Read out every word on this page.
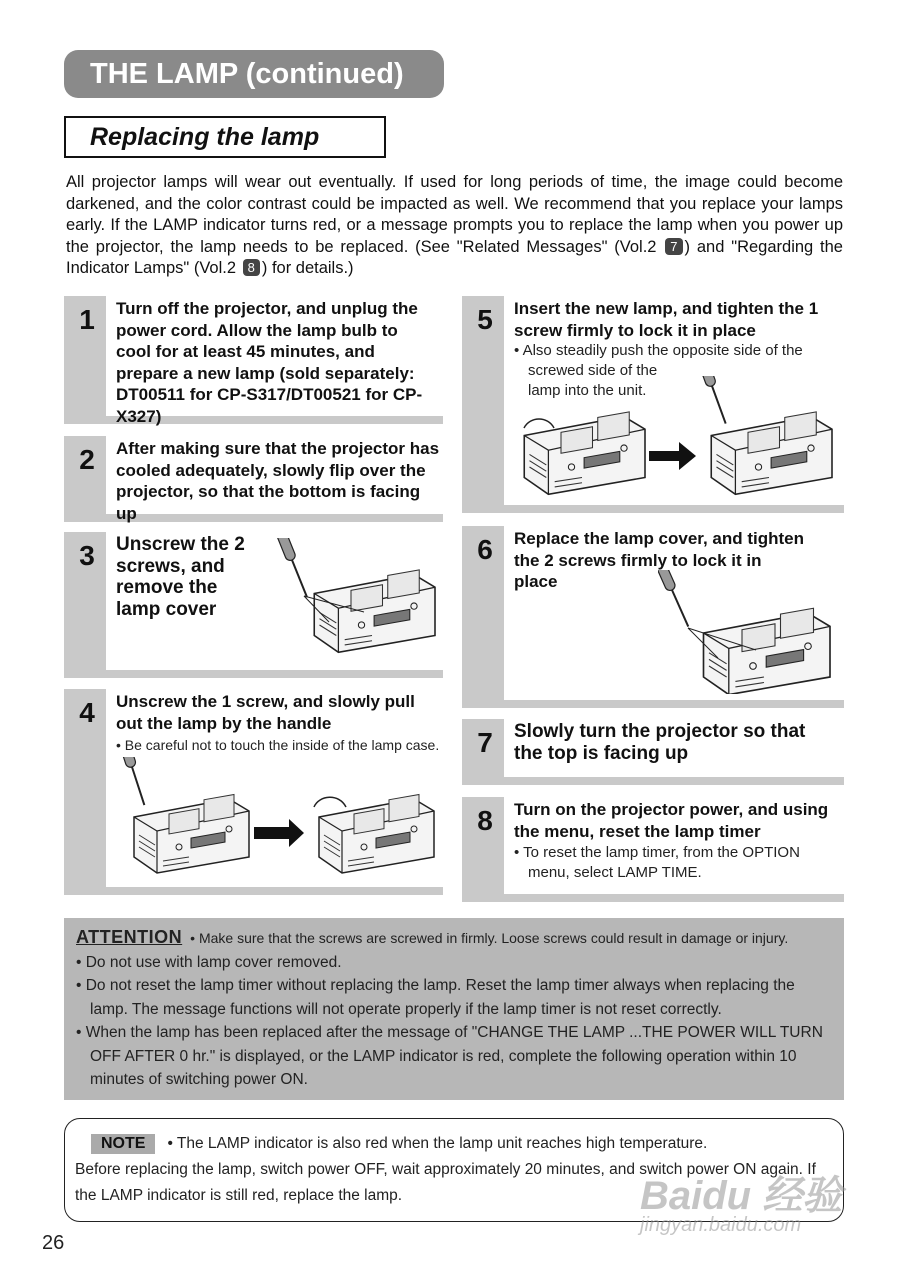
THE LAMP (continued)
Replacing the lamp
All projector lamps will wear out eventually. If used for long periods of time, the image could become darkened, and the color contrast could be impacted as well. We recommend that you replace your lamps early. If the LAMP indicator turns red, or a message prompts you to replace the lamp when you power up the projector, the lamp needs to be replaced. (See "Related Messages" (Vol.2 7 ) and "Regarding the Indicator Lamps" (Vol.2 8 ) for details.)
1	Turn off the projector, and unplug the power cord. Allow the lamp bulb to cool for at least 45 minutes, and prepare a new lamp (sold separately: DT00511 for CP-S317/DT00521 for CP-X327)
2	After making sure that the projector has cooled adequately, slowly flip over the projector, so that the bottom is facing up
3 Unscrew the 2
screws, and
remove the
lamp cover
4	Unscrew the 1 screw, and slowly pull out the lamp by the handle
• Be careful not to touch the inside of the lamp case.
5	Insert the new lamp, and tighten the 1 screw firmly to lock it in place
• Also steadily push the opposite side of the
screwed side of the
lamp into the unit.
6	Replace the lamp cover, and tighten
the 2 screws firmly to lock it in
place
7 Slowly turn the projector so that the top is facing up
8	Turn on the projector power, and using the menu, reset the lamp timer
• To reset the lamp timer, from the OPTION
menu, select LAMP TIME.
ATTENTION • Make sure that the screws are screwed in firmly. Loose screws could result in damage or injury.
• Do not use with lamp cover removed.
• Do not reset the lamp timer without replacing the lamp. Reset the lamp timer always when replacing the lamp. The message functions will not operate properly if the lamp timer is not reset correctly.
• When the lamp has been replaced after the message of "CHANGE THE LAMP ...THE POWER WILL TURN OFF AFTER 0 hr." is displayed, or the LAMP indicator is red, complete the following operation within 10 minutes of switching power ON.
NOTE • The LAMP indicator is also red when the lamp unit reaches high temperature.
Before replacing the lamp, switch power OFF, wait approximately 20 minutes, and switch power ON again. If the LAMP indicator is still red, replace the lamp.
26
Baidu 经验
jingyan.baidu.com
